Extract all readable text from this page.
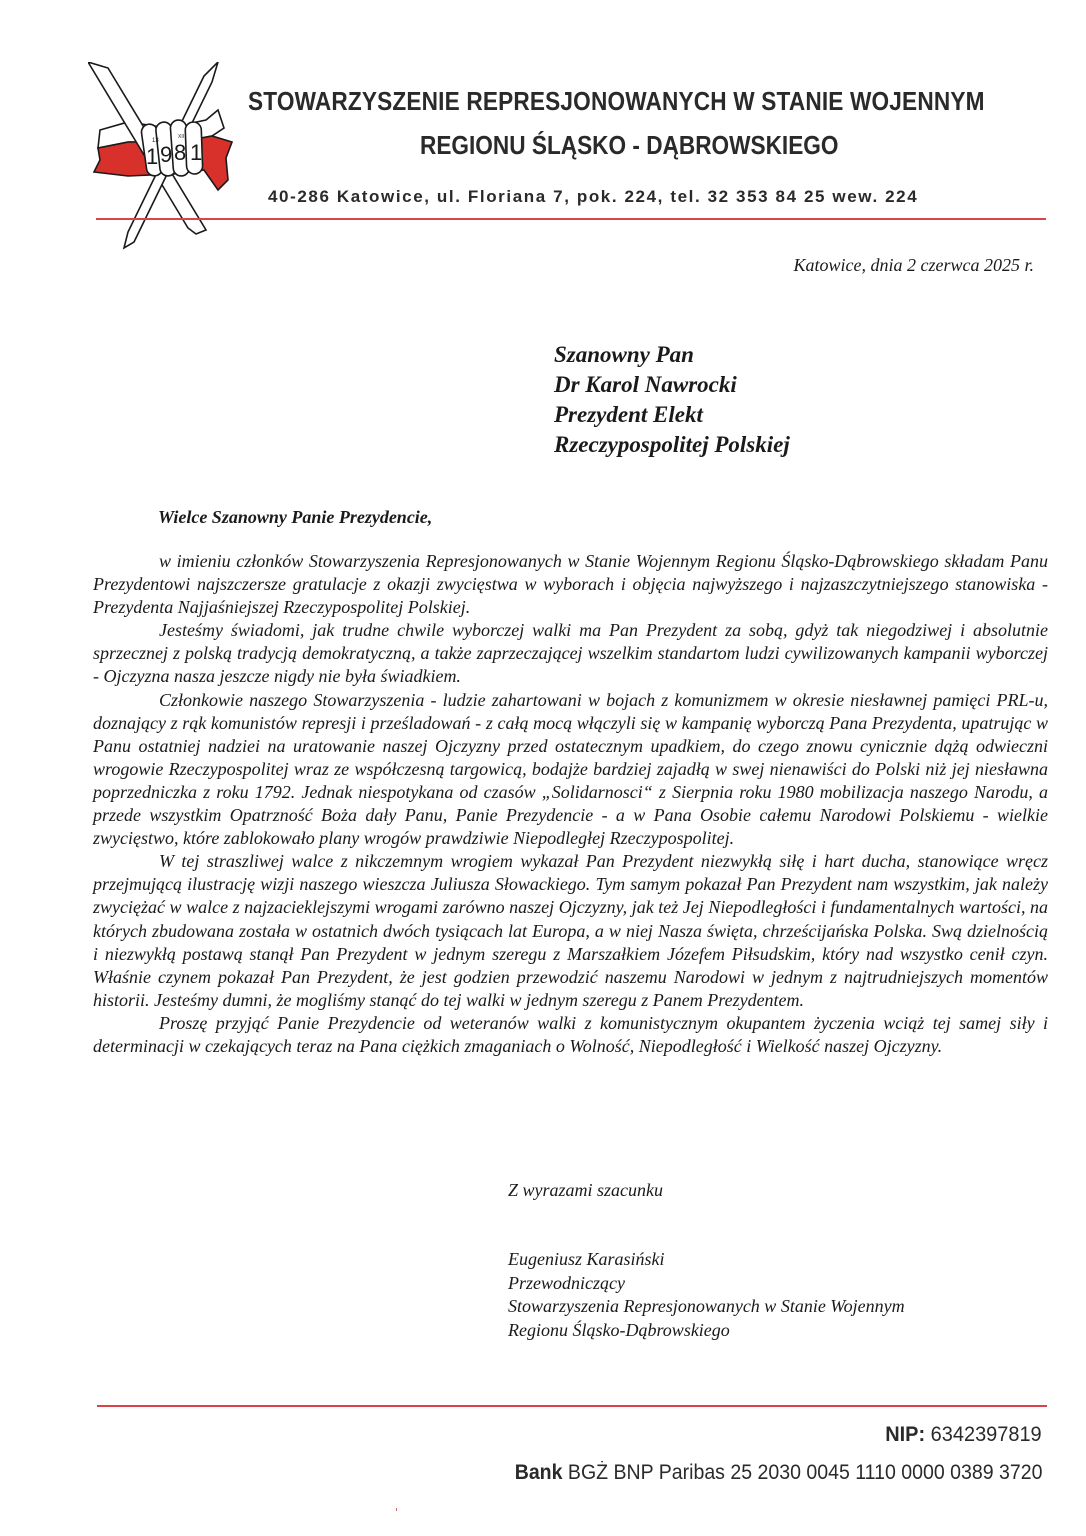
13
XII
1 9 8 1
STOWARZYSZENIE REPRESJONOWANYCH W STANIE WOJENNYM
REGIONU ŚLĄSKO - DĄBROWSKIEGO
40-286 Katowice, ul. Floriana 7, pok. 224, tel. 32 353 84 25 wew. 224
Katowice, dnia 2 czerwca 2025 r.
Szanowny Pan
Dr Karol Nawrocki
Prezydent Elekt
Rzeczypospolitej Polskiej
Wielce Szanowny Panie Prezydencie,

w imieniu członków Stowarzyszenia Represjonowanych w Stanie Wojennym Regionu Śląsko-Dąbrowskiego składam Panu Prezydentowi najszczersze gratulacje z okazji zwycięstwa w wyborach i objęcia najwyższego i najzaszczytniejszego stanowiska - Prezydenta Najjaśniejszej Rzeczypospolitej Polskiej.

Jesteśmy świadomi, jak trudne chwile wyborczej walki ma Pan Prezydent za sobą, gdyż tak niegodziwej i absolutnie sprzecznej z polską tradycją demokratyczną, a także zaprzeczającej wszelkim standartom ludzi cywilizowanych kampanii wyborczej - Ojczyzna nasza jeszcze nigdy nie była świadkiem.

Członkowie naszego Stowarzyszenia - ludzie zahartowani w bojach z komunizmem w okresie niesławnej pamięci PRL-u, doznający z rąk komunistów represji i prześladowań - z całą mocą włączyli się w kampanię wyborczą Pana Prezydenta, upatrując w Panu ostatniej nadziei na uratowanie naszej Ojczyzny przed ostatecznym upadkiem, do czego znowu cynicznie dążą odwieczni wrogowie Rzeczypospolitej wraz ze współczesną targowicą, bodajże bardziej zajadłą w swej nienawiści do Polski niż jej niesławna poprzedniczka z roku 1792. Jednak niespotykana od czasów „Solidarnosci“ z Sierpnia roku 1980 mobilizacja naszego Narodu, a przede wszystkim Opatrzność Boża dały Panu, Panie Prezydencie - a w Pana Osobie całemu Narodowi Polskiemu - wielkie zwycięstwo, które zablokowało plany wrogów prawdziwie Niepodległej Rzeczypospolitej.

W tej straszliwej walce z nikczemnym wrogiem wykazał Pan Prezydent niezwykłą siłę i hart ducha, stanowiące wręcz przejmującą ilustrację wizji naszego wieszcza Juliusza Słowackiego. Tym samym pokazał Pan Prezydent nam wszystkim, jak należy zwyciężać w walce z najzacieklejszymi wrogami zarówno naszej Ojczyzny, jak też Jej Niepodległości i fundamentalnych wartości, na których zbudowana została w ostatnich dwóch tysiącach lat Europa, a w niej Nasza święta, chrześcijańska Polska. Swą dzielnością i niezwykłą postawą stanął Pan Prezydent w jednym szeregu z Marszałkiem Józefem Piłsudskim, który nad wszystko cenił czyn. Właśnie czynem pokazał Pan Prezydent, że jest godzien przewodzić naszemu Narodowi w jednym z najtrudniejszych momentów historii. Jesteśmy dumni, że mogliśmy stanąć do tej walki w jednym szeregu z Panem Prezydentem.

Proszę przyjąć Panie Prezydencie od weteranów walki z komunistycznym okupantem życzenia wciąż tej samej siły i determinacji w czekających teraz na Pana ciężkich zmaganiach o Wolność, Niepodległość i Wielkość naszej Ojczyzny.

Z wyrazami szacunku
Eugeniusz Karasiński
Przewodniczący
Stowarzyszenia Represjonowanych w Stanie Wojennym
Regionu Śląsko-Dąbrowskiego
NIP: 6342397819
Bank BGŻ BNP Paribas 25 2030 0045 1110 0000 0389 3720
